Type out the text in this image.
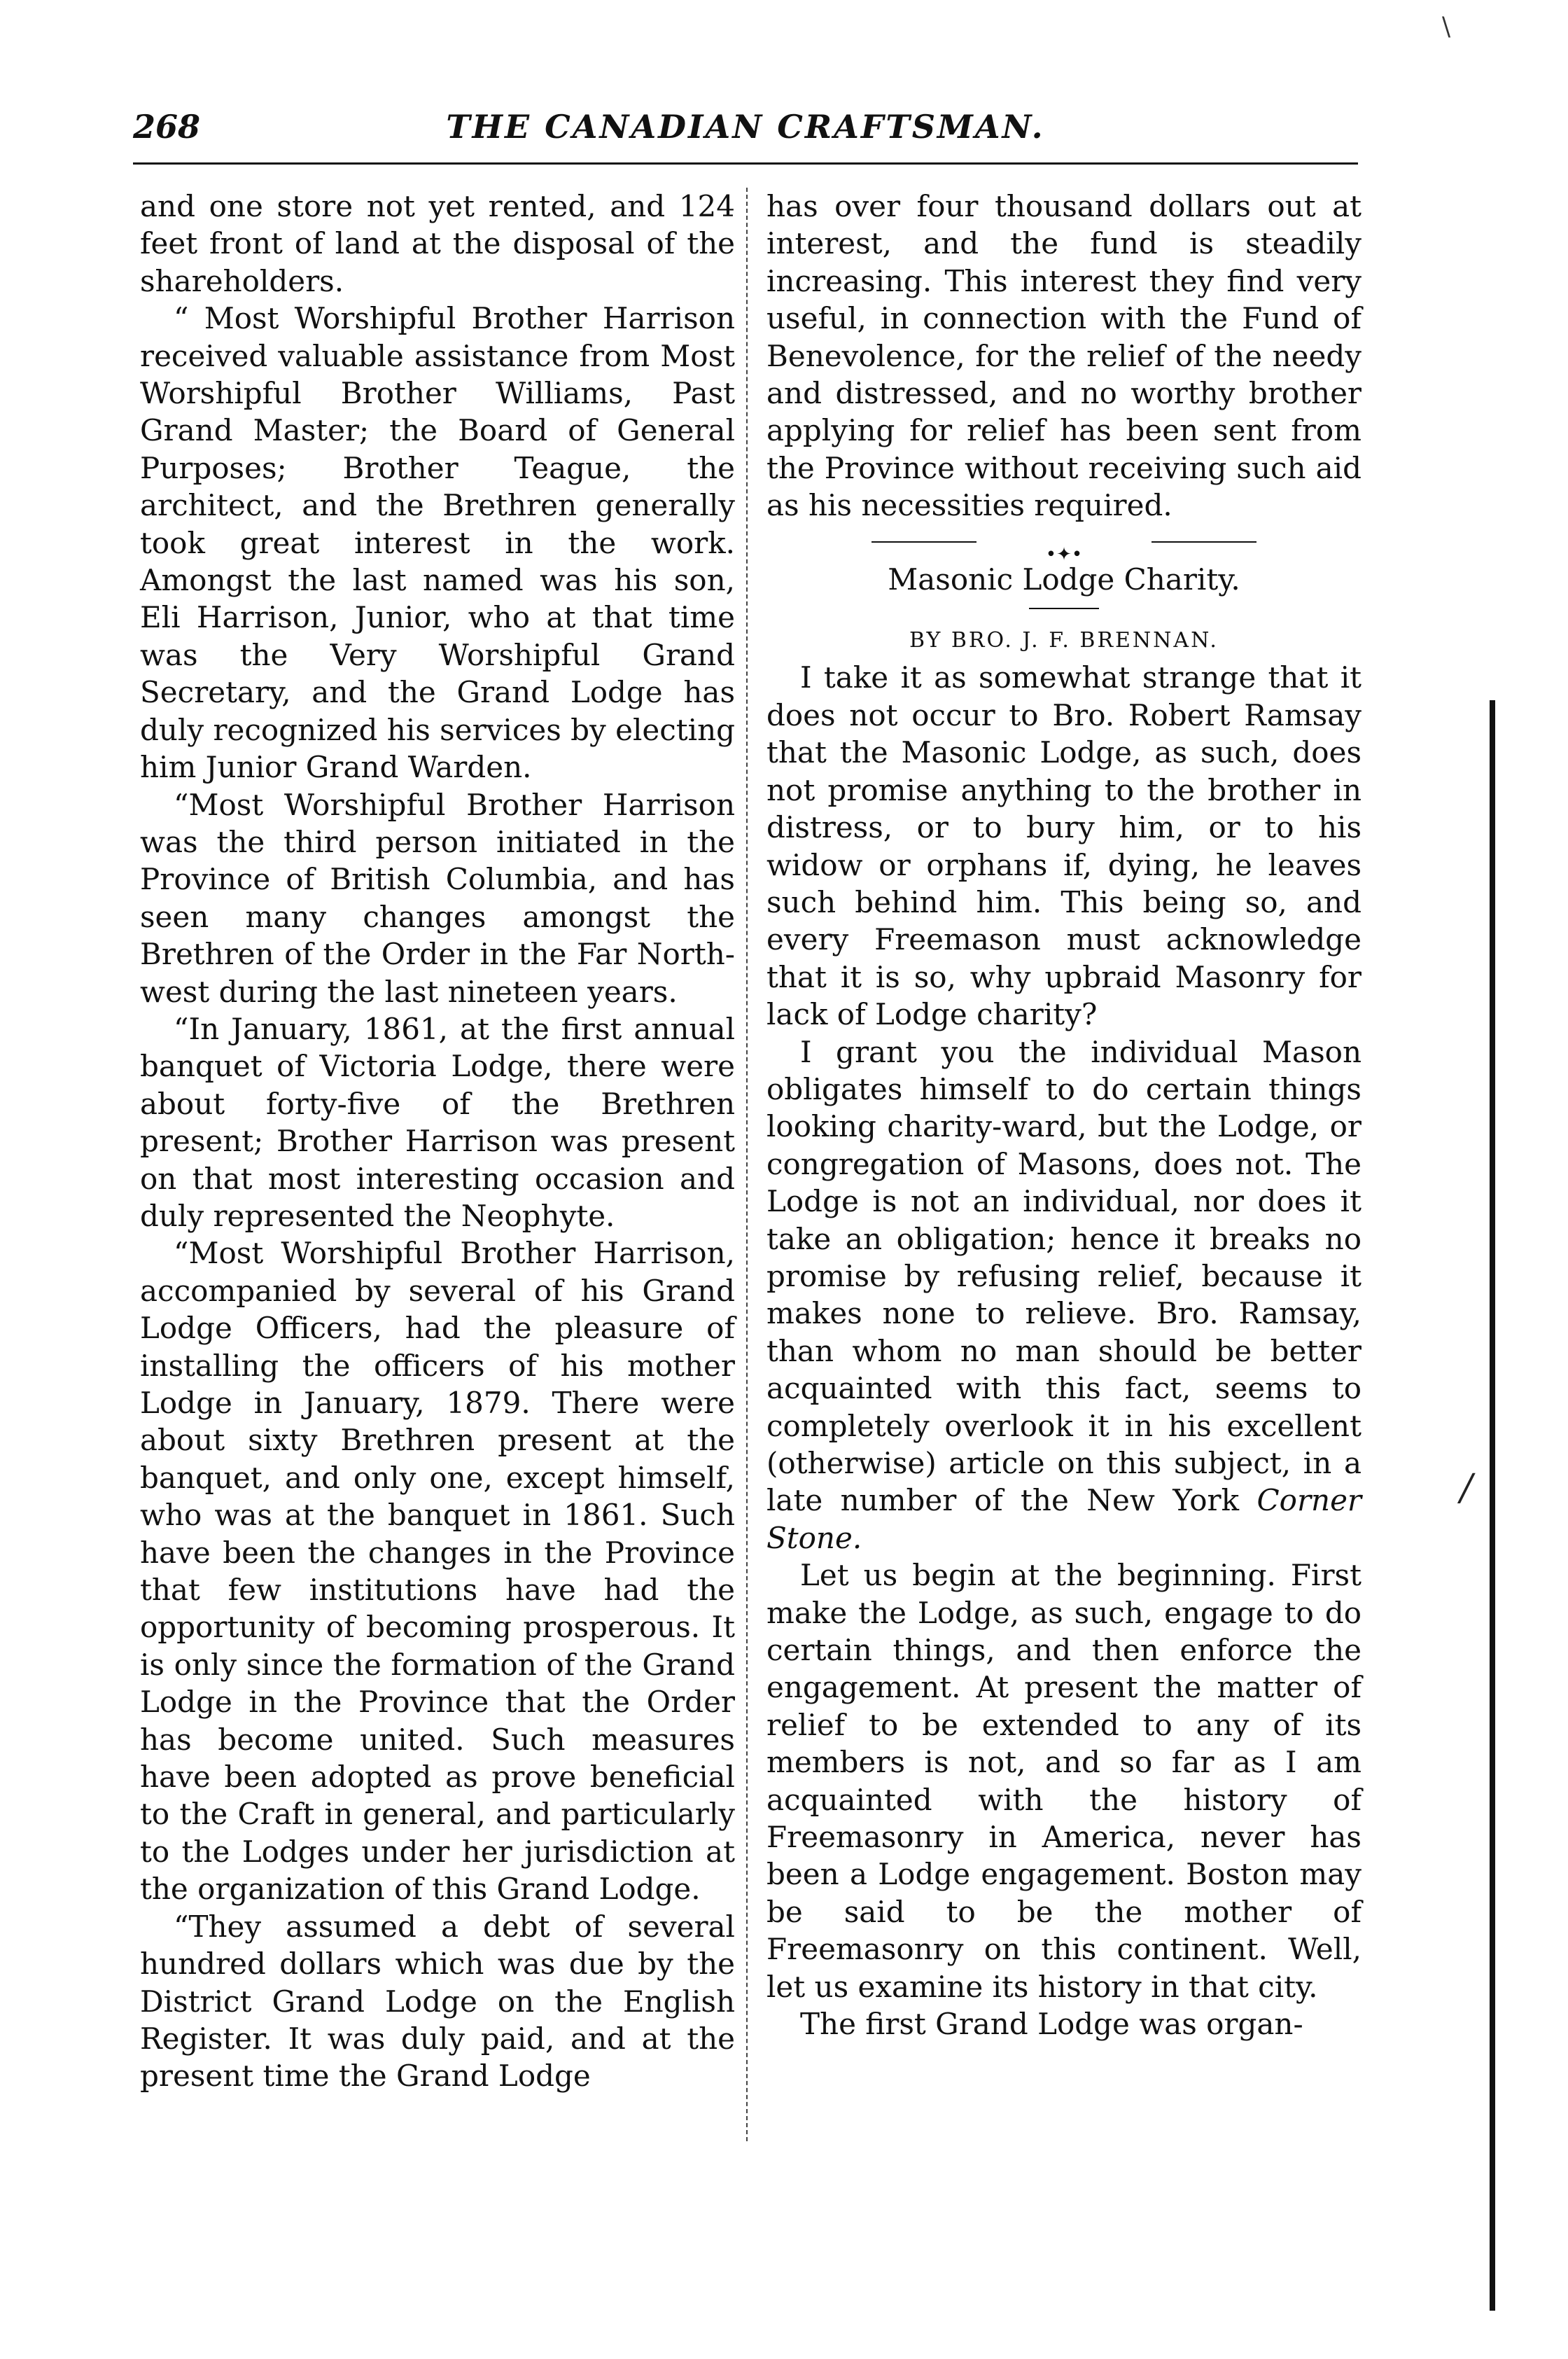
\
/
268	THE CANADIAN CRAFTSMAN.

and one store not yet rented, and 124 feet front of land at the disposal of the shareholders.

“ Most Worshipful Brother Harrison received valuable assistance from Most Worshipful Brother Williams, Past Grand Master; the Board of General Purposes; Brother Teague, the architect, and the Brethren generally took great interest in the work. Amongst the last named was his son, Eli Harrison, Junior, who at that time was the Very Worshipful Grand Secretary, and the Grand Lodge has duly recognized his services by electing him Junior Grand Warden.

“Most Worshipful Brother Harrison was the third person initiated in the Province of British Columbia, and has seen many changes amongst the Brethren of the Order in the Far North-west during the last nineteen years.

“In January, 1861, at the first annual banquet of Victoria Lodge, there were about forty-five of the Brethren present; Brother Harrison was present on that most interesting occasion and duly represented the Neophyte.

“Most Worshipful Brother Harrison, accompanied by several of his Grand Lodge Officers, had the pleasure of installing the officers of his mother Lodge in January, 1879. There were about sixty Brethren present at the banquet, and only one, except himself, who was at the banquet in 1861. Such have been the changes in the Province that few institutions have had the opportunity of becoming prosperous. It is only since the formation of the Grand Lodge in the Province that the Order has become united. Such measures have been adopted as prove beneficial to the Craft in general, and particularly to the Lodges under her jurisdiction at the organization of this Grand Lodge.

“They assumed a debt of several hundred dollars which was due by the District Grand Lodge on the English Register. It was duly paid, and at the present time the Grand Lodge

has over four thousand dollars out at interest, and the fund is steadily increasing. This interest they find very useful, in connection with the Fund of Benevolence, for the relief of the needy and distressed, and no worthy brother applying for relief has been sent from the Province without receiving such aid as his necessities required.

•✦•

Masonic Lodge Charity.

BY BRO. J. F. BRENNAN.

I take it as somewhat strange that it does not occur to Bro. Robert Ramsay that the Masonic Lodge, as such, does not promise anything to the brother in distress, or to bury him, or to his widow or orphans if, dying, he leaves such behind him. This being so, and every Freemason must acknowledge that it is so, why upbraid Masonry for lack of Lodge charity?

I grant you the individual Mason obligates himself to do certain things looking charity-ward, but the Lodge, or congregation of Masons, does not. The Lodge is not an individual, nor does it take an obligation; hence it breaks no promise by refusing relief, because it makes none to relieve. Bro. Ramsay, than whom no man should be better acquainted with this fact, seems to completely overlook it in his excellent (otherwise) article on this subject, in a late number of the New York Corner Stone.

Let us begin at the beginning. First make the Lodge, as such, engage to do certain things, and then enforce the engagement. At present the matter of relief to be extended to any of its members is not, and so far as I am acquainted with the history of Freemasonry in America, never has been a Lodge engagement. Boston may be said to be the mother of Freemasonry on this continent. Well, let us examine its history in that city.

The first Grand Lodge was organ-
